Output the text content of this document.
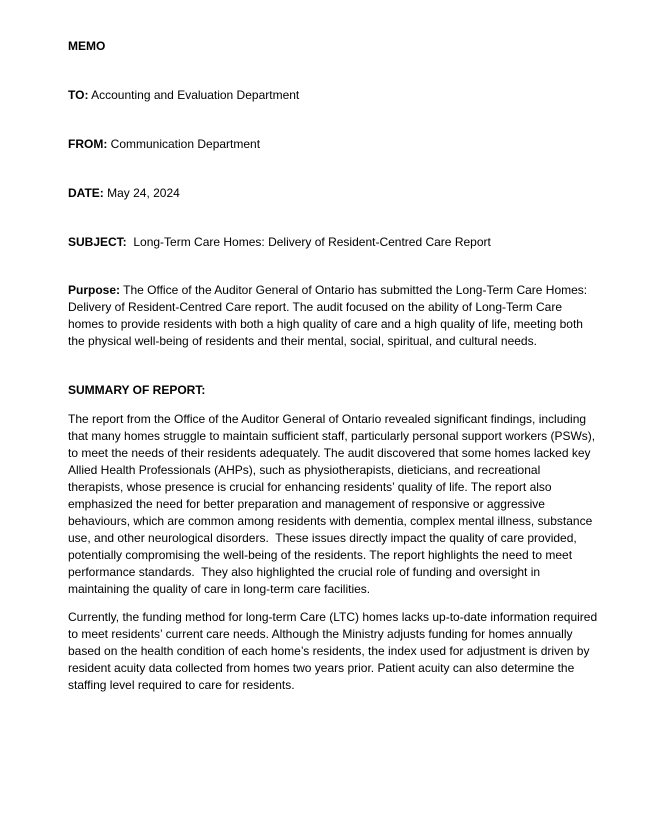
MEMO

TO: Accounting and Evaluation Department

FROM: Communication Department

DATE: May 24, 2024

SUBJECT:  Long-Term Care Homes: Delivery of Resident-Centred Care Report

Purpose: The Office of the Auditor General of Ontario has submitted the Long-Term Care Homes: Delivery of Resident-Centred Care report. The audit focused on the ability of Long-Term Care homes to provide residents with both a high quality of care and a high quality of life, meeting both the physical well-being of residents and their mental, social, spiritual, and cultural needs.

SUMMARY OF REPORT:

The report from the Office of the Auditor General of Ontario revealed significant findings, including that many homes struggle to maintain sufficient staff, particularly personal support workers (PSWs), to meet the needs of their residents adequately. The audit discovered that some homes lacked key Allied Health Professionals (AHPs), such as physiotherapists, dieticians, and recreational therapists, whose presence is crucial for enhancing residents’ quality of life. The report also emphasized the need for better preparation and management of responsive or aggressive behaviours, which are common among residents with dementia, complex mental illness, substance use, and other neurological disorders.  These issues directly impact the quality of care provided, potentially compromising the well-being of the residents. The report highlights the need to meet performance standards.  They also highlighted the crucial role of funding and oversight in maintaining the quality of care in long-term care facilities.

Currently, the funding method for long-term Care (LTC) homes lacks up-to-date information required to meet residents’ current care needs. Although the Ministry adjusts funding for homes annually based on the health condition of each home’s residents, the index used for adjustment is driven by resident acuity data collected from homes two years prior. Patient acuity can also determine the staffing level required to care for residents.
